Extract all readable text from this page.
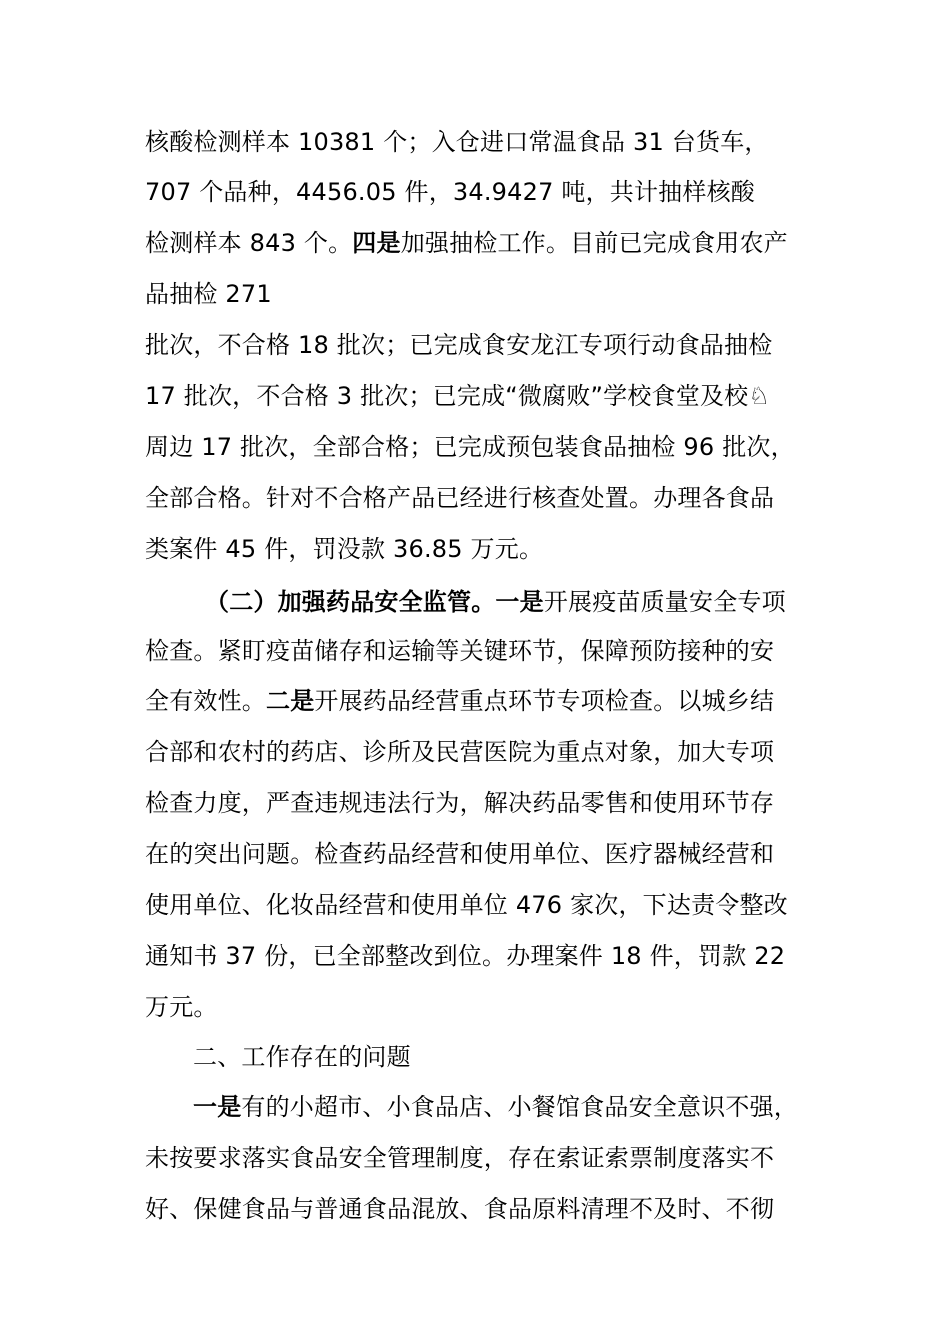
核酸检测样本 10381 个；入仓进口常温食品 31 台货车，
707 个品种，4456.05 件，34.9427 吨，共计抽样核酸
检测样本 843 个。四是加强抽检工作。目前已完成食用农产
品抽检 271
批次，不合格 18 批次；已完成食安龙江专项行动食品抽检
17 批次，不合格 3 批次；已完成“微腐败”学校食堂及校♘
周边 17 批次，全部合格；已完成预包装食品抽检 96 批次，
全部合格。针对不合格产品已经进行核查处置。办理各食品
类案件 45 件，罚没款 36.85 万元。
（二）加强药品安全监管。一是开展疫苗质量安全专项
检查。紧盯疫苗储存和运输等关键环节，保障预防接种的安
全有效性。二是开展药品经营重点环节专项检查。以城乡结
合部和农村的药店、诊所及民营医院为重点对象，加大专项
检查力度，严查违规违法行为，解决药品零售和使用环节存
在的突出问题。检查药品经营和使用单位、医疗器械经营和
使用单位、化妆品经营和使用单位 476 家次，下达责令整改
通知书 37 份，已全部整改到位。办理案件 18 件，罚款 22
万元。
二、工作存在的问题
一是有的小超市、小食品店、小餐馆食品安全意识不强，
未按要求落实食品安全管理制度，存在索证索票制度落实不
好、保健食品与普通食品混放、食品原料清理不及时、不彻
